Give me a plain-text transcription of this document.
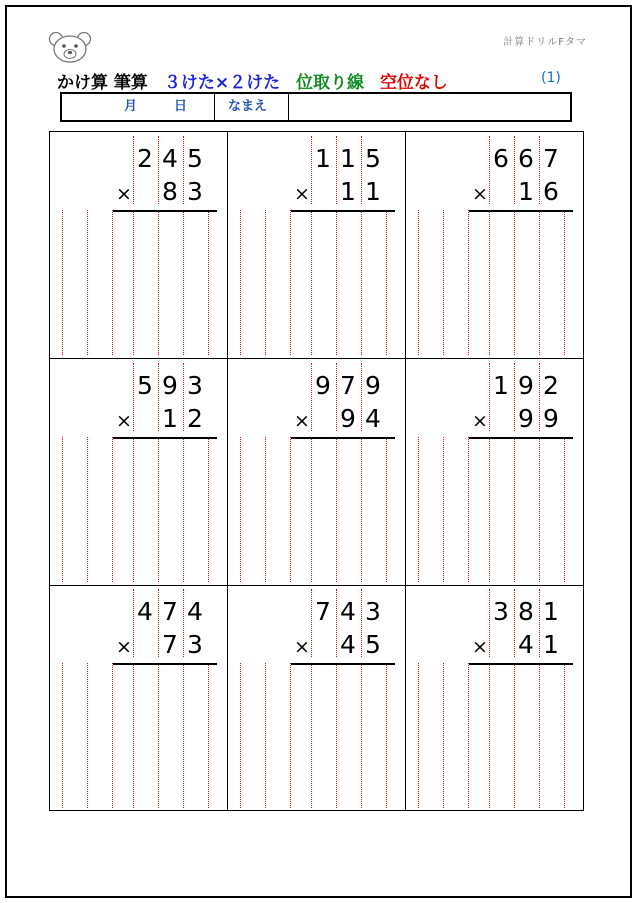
計算ドリルFタマ
かけ算 筆算 ３けた×２けた 位取り線 空位なし	(1)
月	日	なまえ
2 4 5
8 3
×
1 1 5
1 1
×
6 6 7
1 6
×
5 9 3
1 2
×
9 7 9
9 4
×
1 9 2
9 9
×
4 7 4
7 3
×
7 4 3
4 5
×
3 8 1
4 1
×
